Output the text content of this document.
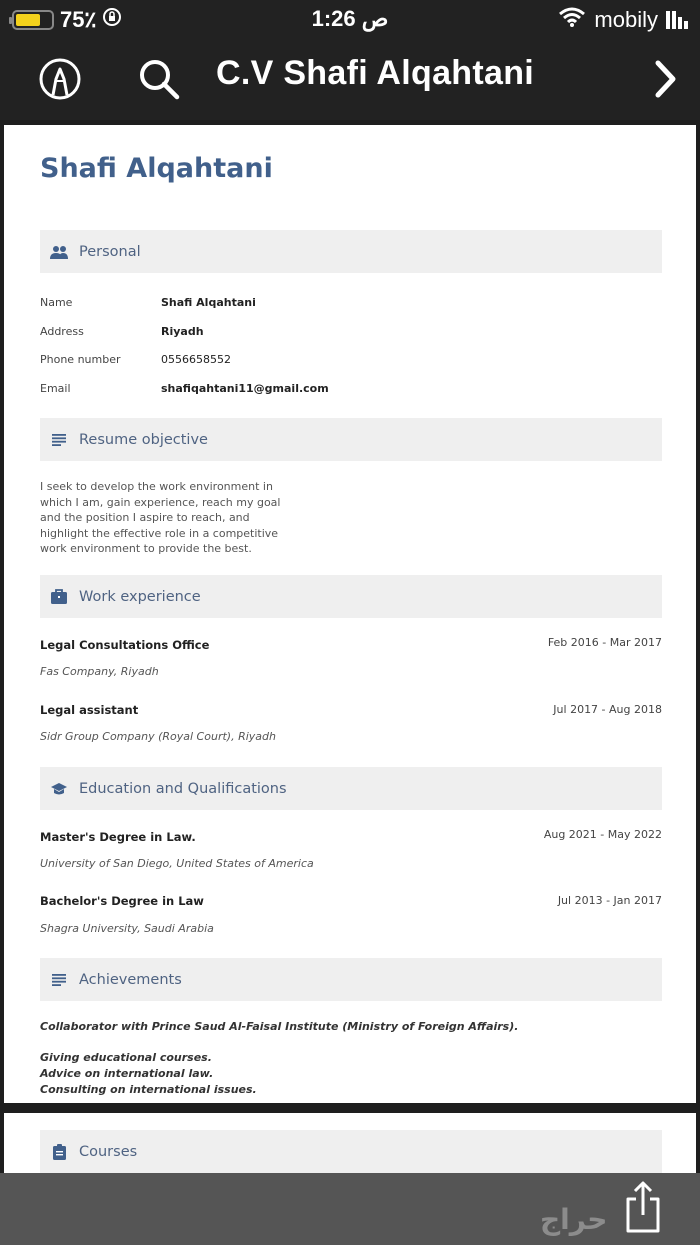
75٪	1:26 ص	mobily
C.V Shafi Alqahtani
Shafi Alqahtani
Personal
Name	Shafi Alqahtani
Address	Riyadh
Phone number	0556658552
Email	shafiqahtani11@gmail.com
Resume objective
I seek to develop the work environment in which I am, gain experience, reach my goal and the position I aspire to reach, and highlight the effective role in a competitive work environment to provide the best.
Work experience
Legal Consultations Office
Fas Company, Riyadh
Feb 2016 - Mar 2017
Legal assistant
Sidr Group Company (Royal Court), Riyadh
Jul 2017 - Aug 2018
Education and Qualifications
Master's Degree in Law.
University of San Diego, United States of America
Aug 2021 - May 2022
Bachelor's Degree in Law
Shagra University, Saudi Arabia
Jul 2013 - Jan 2017
Achievements
Collaborator with Prince Saud Al-Faisal Institute (Ministry of Foreign Affairs).
Giving educational courses.
Advice on international law.
Consulting on international issues.
Courses
حراج
